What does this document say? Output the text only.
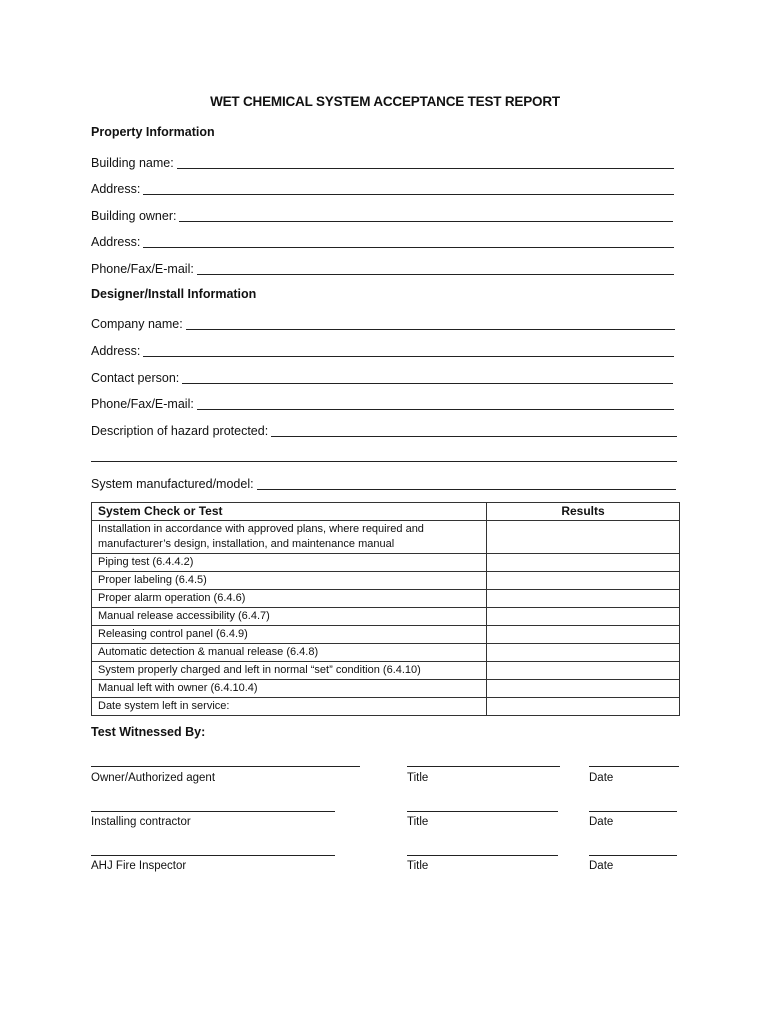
WET CHEMICAL SYSTEM ACCEPTANCE TEST REPORT
Property Information
Building name:
Address:
Building owner:
Address:
Phone/Fax/E-mail:
Designer/Install Information
Company name:
Address:
Contact person:
Phone/Fax/E-mail:
Description of hazard protected:
System manufactured/model:
System Check or Test	Results
Installation in accordance with approved plans, where required and manufacturer’s design, installation, and maintenance manual	
Piping test (6.4.4.2)	
Proper labeling (6.4.5)	
Proper alarm operation (6.4.6)	
Manual release accessibility (6.4.7)	
Releasing control panel (6.4.9)	
Automatic detection & manual release (6.4.8)	
System properly charged and left in normal “set” condition (6.4.10)	
Manual left with owner (6.4.10.4)	
Date system left in service:	
Test Witnessed By:
Owner/Authorized agent	Title	Date
Installing contractor	Title	Date
AHJ Fire Inspector	Title	Date
